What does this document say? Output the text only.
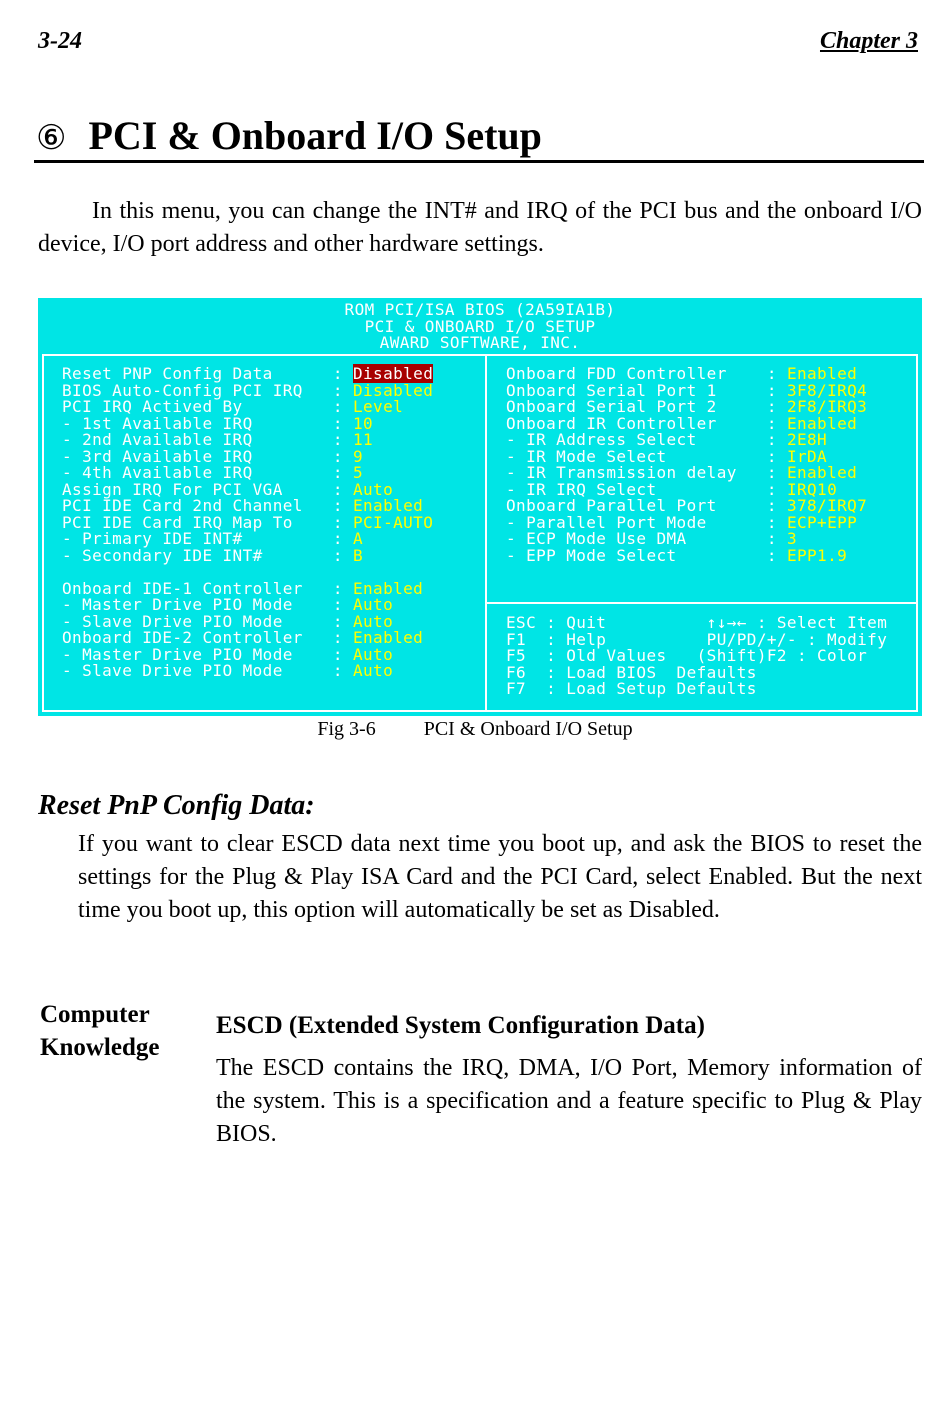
3-24	Chapter 3
⑥ PCI & Onboard I/O Setup
In this menu, you can change the INT# and IRQ of the PCI bus and the onboard I/O device, I/O port address and other hardware settings.
ROM PCI/ISA BIOS (2A59IA1B)
PCI & ONBOARD I/O SETUP
AWARD SOFTWARE, INC.
Reset PNP Config Data      : Disabled
BIOS Auto-Config PCI IRQ   : Disabled
PCI IRQ Actived By         : Level
- 1st Available IRQ        : 10
- 2nd Available IRQ        : 11
- 3rd Available IRQ        : 9
- 4th Available IRQ        : 5
Assign IRQ For PCI VGA     : Auto
PCI IDE Card 2nd Channel   : Enabled
PCI IDE Card IRQ Map To    : PCI-AUTO
- Primary IDE INT#         : A
- Secondary IDE INT#       : B

Onboard IDE-1 Controller   : Enabled
- Master Drive PIO Mode    : Auto
- Slave Drive PIO Mode     : Auto
Onboard IDE-2 Controller   : Enabled
- Master Drive PIO Mode    : Auto
- Slave Drive PIO Mode     : Auto
Onboard FDD Controller    : Enabled
Onboard Serial Port 1     : 3F8/IRQ4
Onboard Serial Port 2     : 2F8/IRQ3
Onboard IR Controller     : Enabled
- IR Address Select       : 2E8H
- IR Mode Select          : IrDA
- IR Transmission delay   : Enabled
- IR IRQ Select           : IRQ10
Onboard Parallel Port     : 378/IRQ7
- Parallel Port Mode      : ECP+EPP
- ECP Mode Use DMA        : 3
- EPP Mode Select         : EPP1.9
ESC : Quit          ↑↓→← : Select Item
F1  : Help          PU/PD/+/- : Modify
F5  : Old Values   (Shift)F2 : Color
F6  : Load BIOS  Defaults
F7  : Load Setup Defaults
Fig 3-6 PCI & Onboard I/O Setup
Reset PnP Config Data:
If you want to clear ESCD data next time you boot up, and ask the BIOS to reset the settings for the Plug & Play ISA Card and the PCI Card, select Enabled. But the next time you boot up, this option will automatically be set as Disabled.
Computer
Knowledge
ESCD (Extended System Configuration Data)
The ESCD contains the IRQ, DMA, I/O Port, Memory information of the system. This is a specification and a feature specific to Plug & Play BIOS.
